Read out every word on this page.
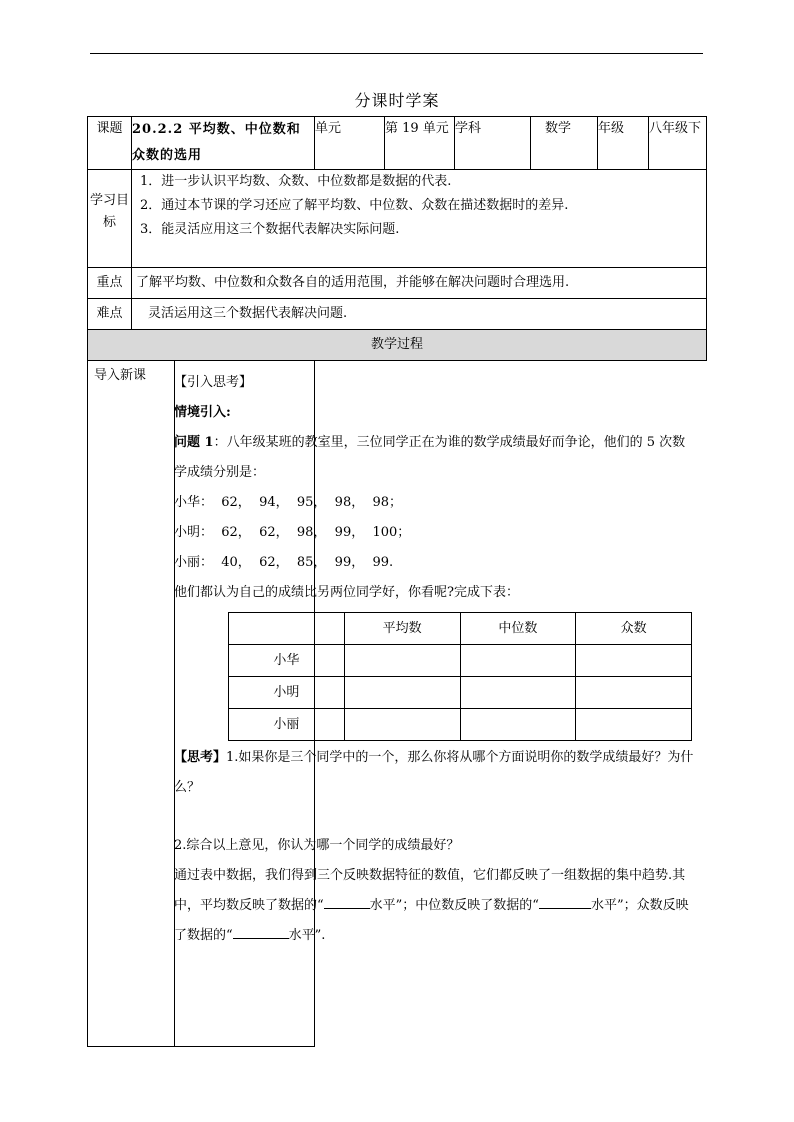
分课时学案
课题	20.2.2 平均数、中位数和众数的选用	单元	第 19 单元	学科	数学	年级	八年级下
学习目标	1．进一步认识平均数、众数、中位数都是数据的代表.

2．通过本节课的学习还应了解平均数、中位数、众数在描述数据时的差异.

3．能灵活应用这三个数据代表解决实际问题.						

重点	了解平均数、中位数和众数各自的适用范围，并能够在解决问题时合理选用.						
难点	灵活运用这三个数据代表解决问题.						
教学过程							

导入新课								【引入思考】

情境引入:

问题 1：八年级某班的教室里，三位同学正在为谁的数学成绩最好而争论，他们的 5 次数学成绩分别是：

小华：  62，  94，  95，  98，  98；

小明：  62，  62，  98，  99，  100；

小丽：  40，  62，  85，  99，  99.

他们都认为自己的成绩比另两位同学好，你看呢?完成下表：

	平均数	中位数	众数
小华			
小明			
小丽			

【思考】1.如果你是三个同学中的一个，那么你将从哪个方面说明你的数学成绩最好？为什么？

2.综合以上意见，你认为哪一个同学的成绩最好？

通过表中数据，我们得到三个反映数据特征的数值，它们都反映了一组数据的集中趋势.其中，平均数反映了数据的“	水平”；中位数反映了数据的“	水平”；众数反映了数据的“	水平”.
